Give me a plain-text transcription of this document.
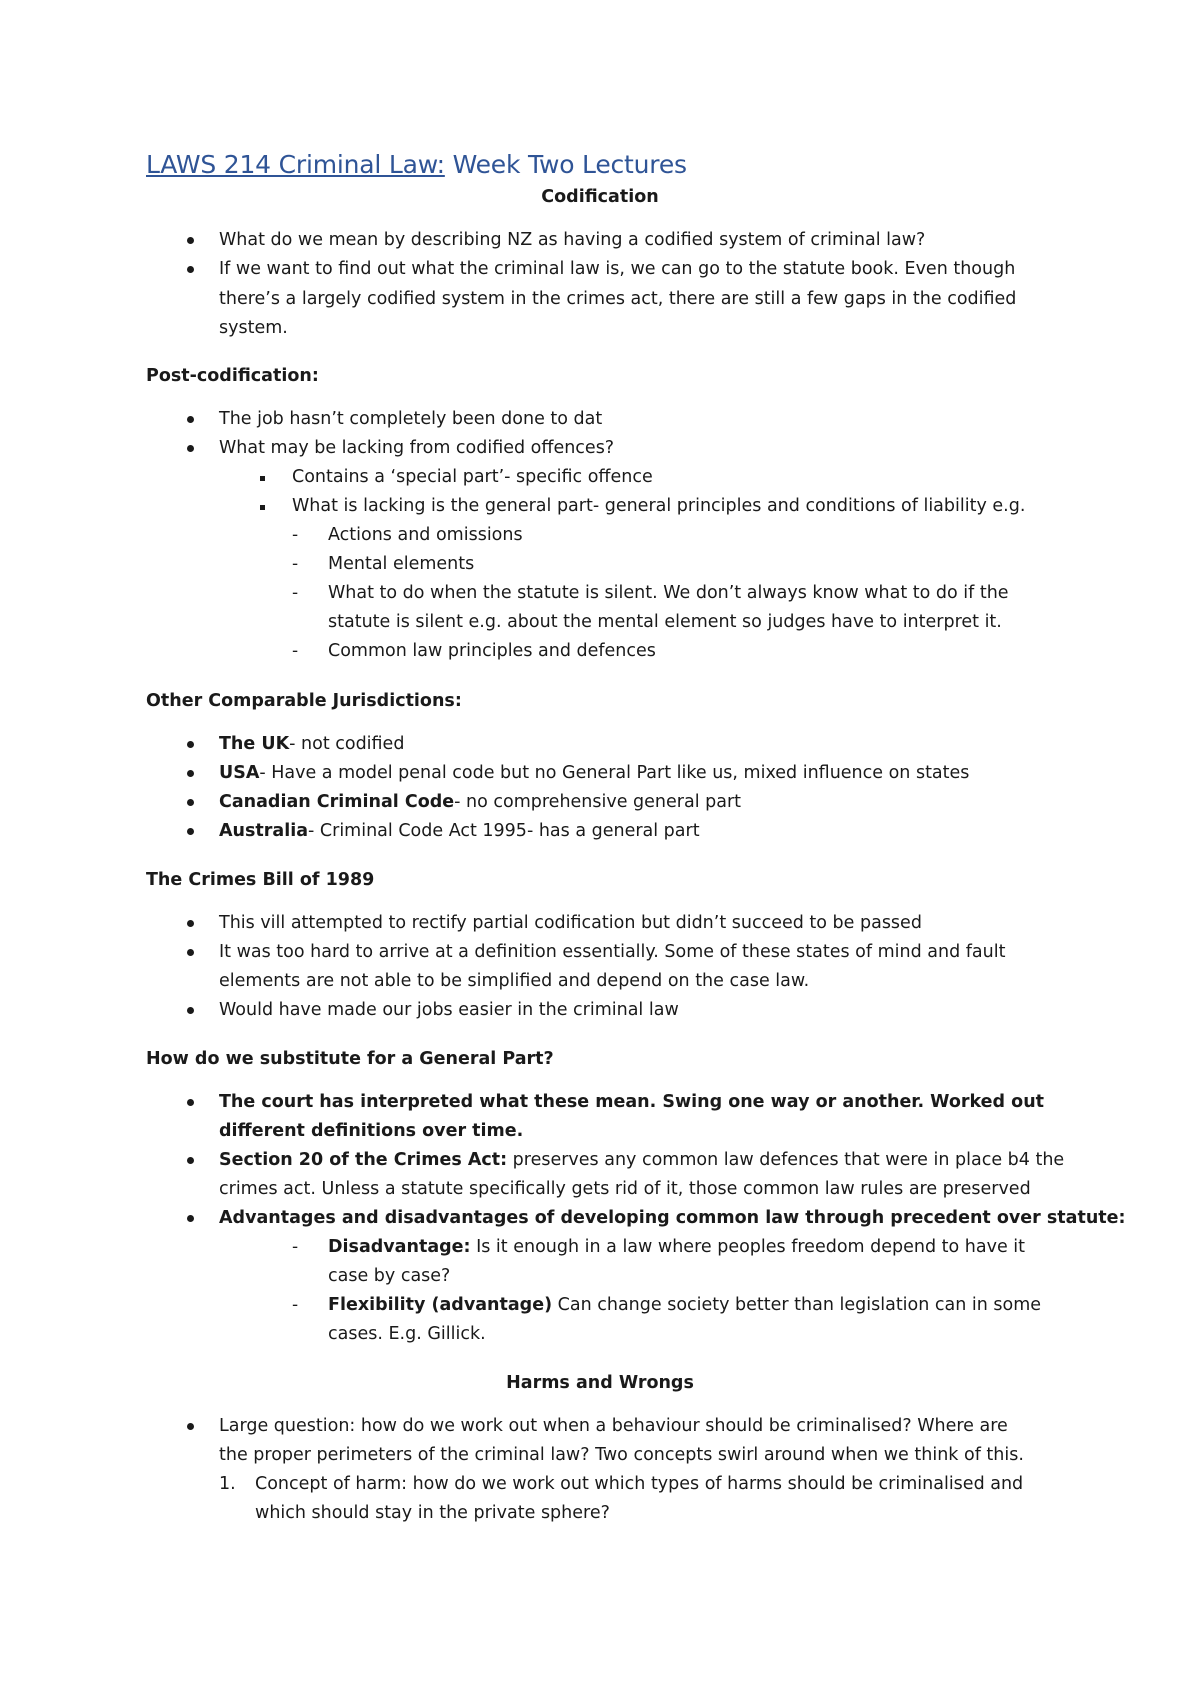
LAWS 214 Criminal Law: Week Two Lectures
Codification
What do we mean by describing NZ as having a codified system of criminal law?
If we want to find out what the criminal law is, we can go to the statute book. Even though
there’s a largely codified system in the crimes act, there are still a few gaps in the codified
system.
Post-codification:
The job hasn’t completely been done to dat
What may be lacking from codified offences?
Contains a ‘special part’- specific offence
What is lacking is the general part- general principles and conditions of liability e.g.
- Actions and omissions
- Mental elements
- What to do when the statute is silent. We don’t always know what to do if the
statute is silent e.g. about the mental element so judges have to interpret it.
- Common law principles and defences
Other Comparable Jurisdictions:
The UK- not codified
USA- Have a model penal code but no General Part like us, mixed influence on states
Canadian Criminal Code- no comprehensive general part
Australia- Criminal Code Act 1995- has a general part
The Crimes Bill of 1989
This vill attempted to rectify partial codification but didn’t succeed to be passed
It was too hard to arrive at a definition essentially. Some of these states of mind and fault
elements are not able to be simplified and depend on the case law.
Would have made our jobs easier in the criminal law
How do we substitute for a General Part?
The court has interpreted what these mean. Swing one way or another. Worked out
different definitions over time.
Section 20 of the Crimes Act: preserves any common law defences that were in place b4 the
crimes act. Unless a statute specifically gets rid of it, those common law rules are preserved
Advantages and disadvantages of developing common law through precedent over statute:
- Disadvantage: Is it enough in a law where peoples freedom depend to have it
case by case?
- Flexibility (advantage) Can change society better than legislation can in some
cases. E.g. Gillick.
Harms and Wrongs
Large question: how do we work out when a behaviour should be criminalised? Where are
the proper perimeters of the criminal law? Two concepts swirl around when we think of this.
1. Concept of harm: how do we work out which types of harms should be criminalised and
which should stay in the private sphere?
